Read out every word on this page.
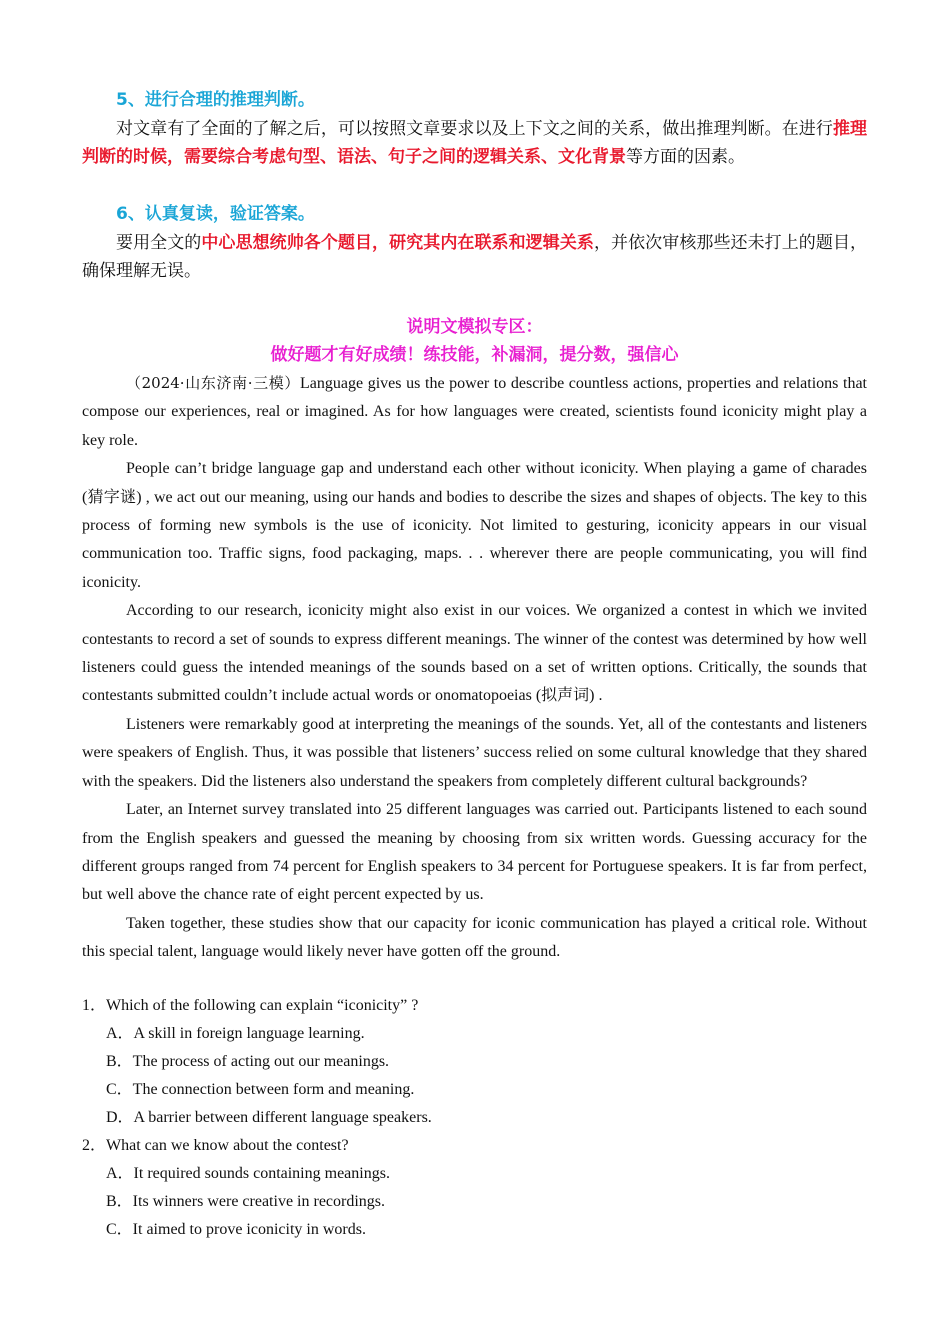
5、进行合理的推理判断。
对文章有了全面的了解之后，可以按照文章要求以及上下文之间的关系，做出推理判断。在进行推理判断的时候，需要综合考虑句型、语法、句子之间的逻辑关系、文化背景等方面的因素。
6、认真复读，验证答案。
要用全文的中心思想统帅各个题目，研究其内在联系和逻辑关系，并依次审核那些还未打上的题目，确保理解无误。
说明文模拟专区：
做好题才有好成绩！练技能，补漏洞，提分数，强信心

（2024·山东济南·三模）Language gives us the power to describe countless actions, properties and relations that compose our experiences, real or imagined. As for how languages were created, scientists found iconicity might play a key role.

People can’t bridge language gap and understand each other without iconicity. When playing a game of charades (猜字谜) , we act out our meaning, using our hands and bodies to describe the sizes and shapes of objects. The key to this process of forming new symbols is the use of iconicity. Not limited to gesturing, iconicity appears in our visual communication too. Traffic signs, food packaging, maps. . . wherever there are people communicating, you will find iconicity.

According to our research, iconicity might also exist in our voices. We organized a contest in which we invited contestants to record a set of sounds to express different meanings. The winner of the contest was determined by how well listeners could guess the intended meanings of the sounds based on a set of written options. Critically, the sounds that contestants submitted couldn’t include actual words or onomatopoeias (拟声词) .

Listeners were remarkably good at interpreting the meanings of the sounds. Yet, all of the contestants and listeners were speakers of English. Thus, it was possible that listeners’ success relied on some cultural knowledge that they shared with the speakers. Did the listeners also understand the speakers from completely different cultural backgrounds?

Later, an Internet survey translated into 25 different languages was carried out. Participants listened to each sound from the English speakers and guessed the meaning by choosing from six written words. Guessing accuracy for the different groups ranged from 74 percent for English speakers to 34 percent for Portuguese speakers. It is far from perfect, but well above the chance rate of eight percent expected by us.

Taken together, these studies show that our capacity for iconic communication has played a critical role. Without this special talent, language would likely never have gotten off the ground.

1．Which of the following can explain “iconicity” ?

A．A skill in foreign language learning.

B．The process of acting out our meanings.

C．The connection between form and meaning.

D．A barrier between different language speakers.

2．What can we know about the contest?

A．It required sounds containing meanings.

B．Its winners were creative in recordings.

C．It aimed to prove iconicity in words.
